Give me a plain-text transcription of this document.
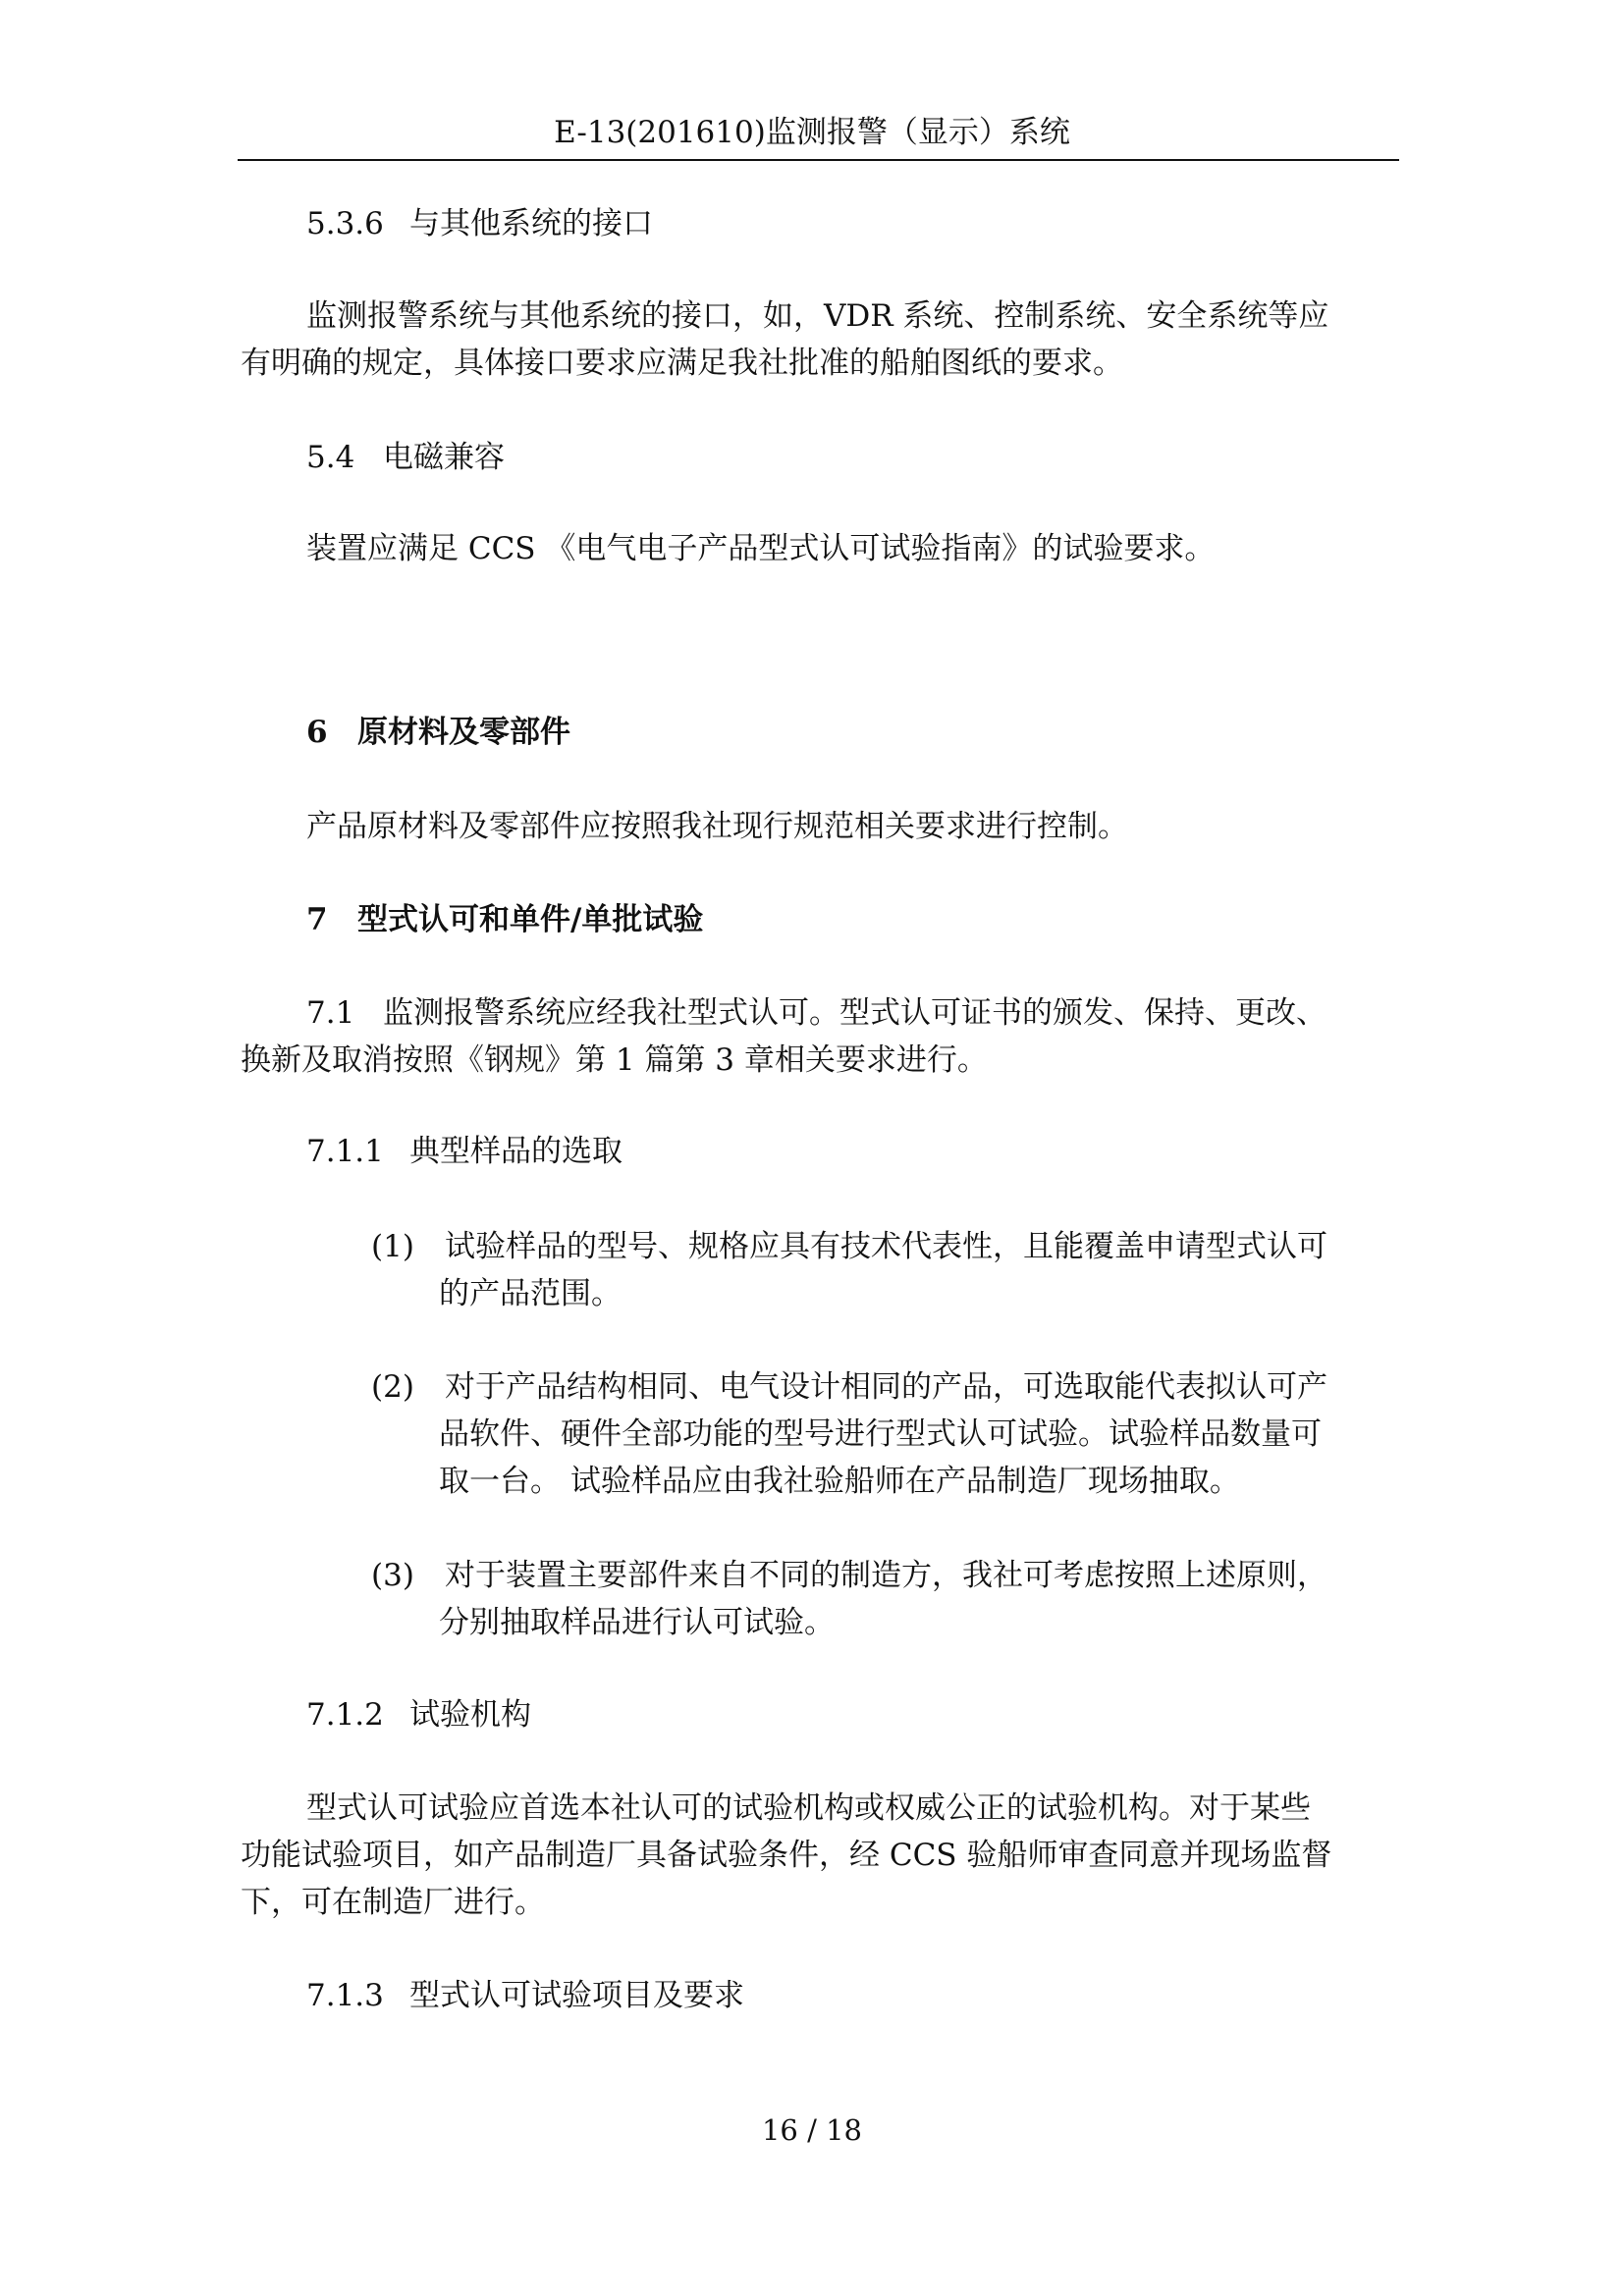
E-13(201610)监测报警（显示）系统
5.3.6 与其他系统的接口
监测报警系统与其他系统的接口，如，VDR 系统、控制系统、安全系统等应
有明确的规定，具体接口要求应满足我社批准的船舶图纸的要求。
5.4 电磁兼容
装置应满足 CCS 《电气电子产品型式认可试验指南》的试验要求。
6 原材料及零部件
产品原材料及零部件应按照我社现行规范相关要求进行控制。
7 型式认可和单件/单批试验
7.1 监测报警系统应经我社型式认可。型式认可证书的颁发、保持、更改、
换新及取消按照《钢规》第 1 篇第 3 章相关要求进行。
7.1.1 典型样品的选取
(1) 试验样品的型号、规格应具有技术代表性，且能覆盖申请型式认可
的产品范围。
(2) 对于产品结构相同、电气设计相同的产品，可选取能代表拟认可产
品软件、硬件全部功能的型号进行型式认可试验。试验样品数量可
取一台。 试验样品应由我社验船师在产品制造厂现场抽取。
(3) 对于装置主要部件来自不同的制造方，我社可考虑按照上述原则，
分别抽取样品进行认可试验。
7.1.2 试验机构
型式认可试验应首选本社认可的试验机构或权威公正的试验机构。对于某些
功能试验项目，如产品制造厂具备试验条件，经 CCS 验船师审查同意并现场监督
下，可在制造厂进行。
7.1.3 型式认可试验项目及要求
16 / 18
